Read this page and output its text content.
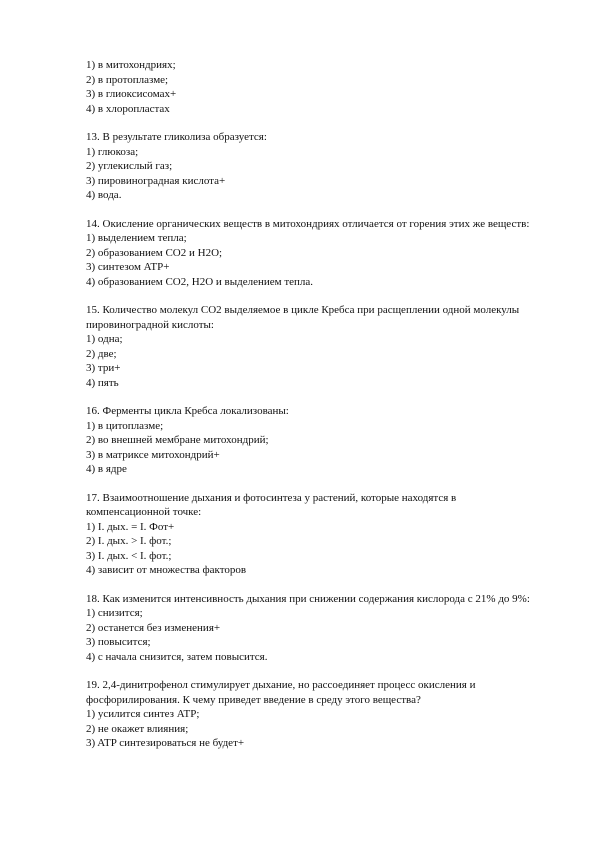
1) в митохондриях;
2) в протоплазме;
3) в глиоксисомах+
4) в хлоропластах
13. В результате гликолиза образуется:
1) глюкоза;
2) углекислый газ;
3) пировиноградная кислота+
4) вода.
14. Окисление органических веществ в митохондриях отличается от горения этих же веществ:
1) выделением тепла;
2) образованием CO2 и H2O;
3) синтезом ATP+
4) образованием CO2, H2O и выделением тепла.
15. Количество молекул CO2 выделяемое в цикле Кребса при расщеплении одной молекулы пировиноградной кислоты:
1) одна;
2) две;
3) три+
4) пять
16. Ферменты цикла Кребса локализованы:
1) в цитоплазме;
2) во внешней мембране митохондрий;
3) в матриксе митохондрий+
4) в ядре
17. Взаимоотношение дыхания и фотосинтеза у растений, которые находятся в компенсационной точке:
1) I. дых. = I. Фот+
2) I. дых. > I. фот.;
3) I. дых. < I. фот.;
4) зависит от множества факторов
18. Как изменится интенсивность дыхания при снижении содержания кислорода с 21% до 9%:
1) снизится;
2) останется без изменения+
3) повысится;
4) с начала снизится, затем повысится.
19. 2,4-динитрофенол стимулирует дыхание, но рассоединяет процесс окисления и фосфорилирования. К чему приведет введение в среду этого вещества?
1) усилится синтез ATP;
2) не окажет влияния;
3) ATP синтезироваться не будет+
